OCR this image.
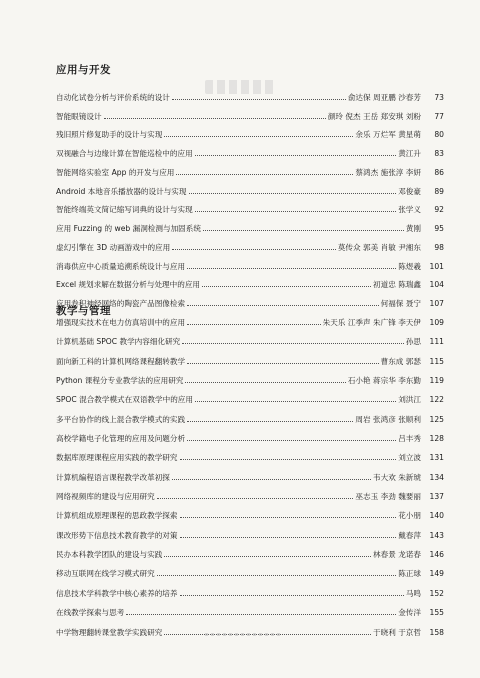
应用与开发
自动化试卷分析与评价系统的设计	俞达保 周亚鹏 沙春芳	73
智能眼镜设计	颜玲 倪杰 王岳 郑安琪 刘粉	77
残旧照片修复助手的设计与实现	余乐 万烂军 黄星萌	80
双视融合与边缘计算在智能巡检中的应用	黄江升	83
智能网络实验室 App 的开发与应用	蔡鸿杰 施张淳 李妍	86
Android 本地音乐播放器的设计与实现	邓俊豪	89
智能终端英文简记缩写词典的设计与实现	张学义	92
应用 Fuzzing 的 web 漏洞检测与加固系统	黄刚	95
虚幻引擎在 3D 动画游戏中的应用	莫传众 郭美 肖敏 尹湘东	98
消毒供应中心质量追溯系统设计与应用	陈煜羲	101
Excel 规划求解在数据分析与处理中的应用	初道忠 陈瑞鑫	104
应用卷积神经网络的陶瓷产品图像检索	何福保 聂宁	107
增强现实技术在电力仿真培训中的应用	朱天乐 江季声 朱广锋 李天伊	109
教学与管理
计算机基础 SPOC 教学内容细化研究	孙思	111
面向新工科的计算机网络课程翻转教学	曹东成 郭瑟	115
Python 课程分专业教学法的应用研究	石小艳 蒋宗华 李东勤	119
SPOC 混合教学模式在双语教学中的应用	刘洪江	122
多平台协作的线上混合教学模式的实践	周岩 张鸿彦 张顺利	125
高校学籍电子化管理的应用及问题分析	吕丰秀	128
数据库原理课程应用实践的教学研究	刘立波	131
计算机编程语言课程教学改革初探	韦大欢 朱新琥	134
网络视频库的建设与应用研究	巫志玉 李劲 魏要丽	137
计算机组成原理课程的思政教学探索	花小朋	140
课改形势下信息技术教育教学的对策	戴春萍	143
民办本科教学团队的建设与实践	林春景 龙诺春	146
移动互联网在线学习模式研究	陈正球	149
信息技术学科教学中核心素养的培养	马鸣	152
在线教学探索与思考	金传洋	155
中学物理翻转课堂教学实践研究	于晓利 于京哲	158
